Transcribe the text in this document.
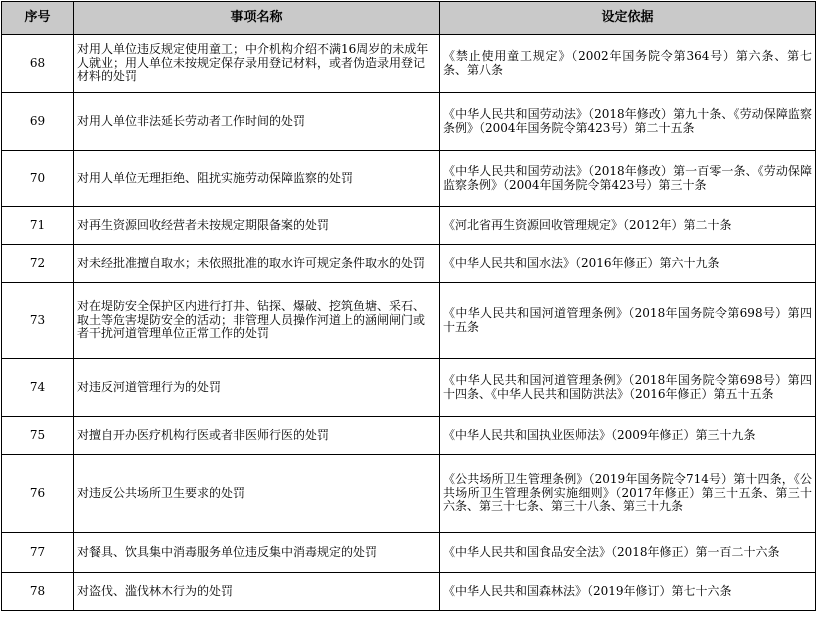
序号	事项名称	设定依据
68	对用人单位违反规定使用童工；中介机构介绍不满16周岁的未成年人就业；用人单位未按规定保存录用登记材料，或者伪造录用登记材料的处罚	《禁止使用童工规定》（2002年国务院令第364号）第六条、第七条、第八条
69	对用人单位非法延长劳动者工作时间的处罚	《中华人民共和国劳动法》（2018年修改）第九十条、《劳动保障监察条例》（2004年国务院令第423号）第二十五条
70	对用人单位无理拒绝、阻扰实施劳动保障监察的处罚	《中华人民共和国劳动法》（2018年修改）第一百零一条、《劳动保障监察条例》（2004年国务院令第423号）第三十条
71	对再生资源回收经营者未按规定期限备案的处罚	《河北省再生资源回收管理规定》（2012年）第二十条
72	对未经批准擅自取水；未依照批准的取水许可规定条件取水的处罚	《中华人民共和国水法》（2016年修正）第六十九条
73	对在堤防安全保护区内进行打井、钻探、爆破、挖筑鱼塘、采石、取土等危害堤防安全的活动；非管理人员操作河道上的涵闸闸门或者干扰河道管理单位正常工作的处罚	《中华人民共和国河道管理条例》（2018年国务院令第698号）第四十五条
74	对违反河道管理行为的处罚	《中华人民共和国河道管理条例》（2018年国务院令第698号）第四十四条、《中华人民共和国防洪法》（2016年修正）第五十五条
75	对擅自开办医疗机构行医或者非医师行医的处罚	《中华人民共和国执业医师法》（2009年修正）第三十九条
76	对违反公共场所卫生要求的处罚	《公共场所卫生管理条例》（2019年国务院令714号）第十四条，《公共场所卫生管理条例实施细则》（2017年修正）第三十五条、第三十六条、第三十七条、第三十八条、第三十九条
77	对餐具、饮具集中消毒服务单位违反集中消毒规定的处罚	《中华人民共和国食品安全法》（2018年修正）第一百二十六条
78	对盗伐、滥伐林木行为的处罚	《中华人民共和国森林法》（2019年修订）第七十六条
